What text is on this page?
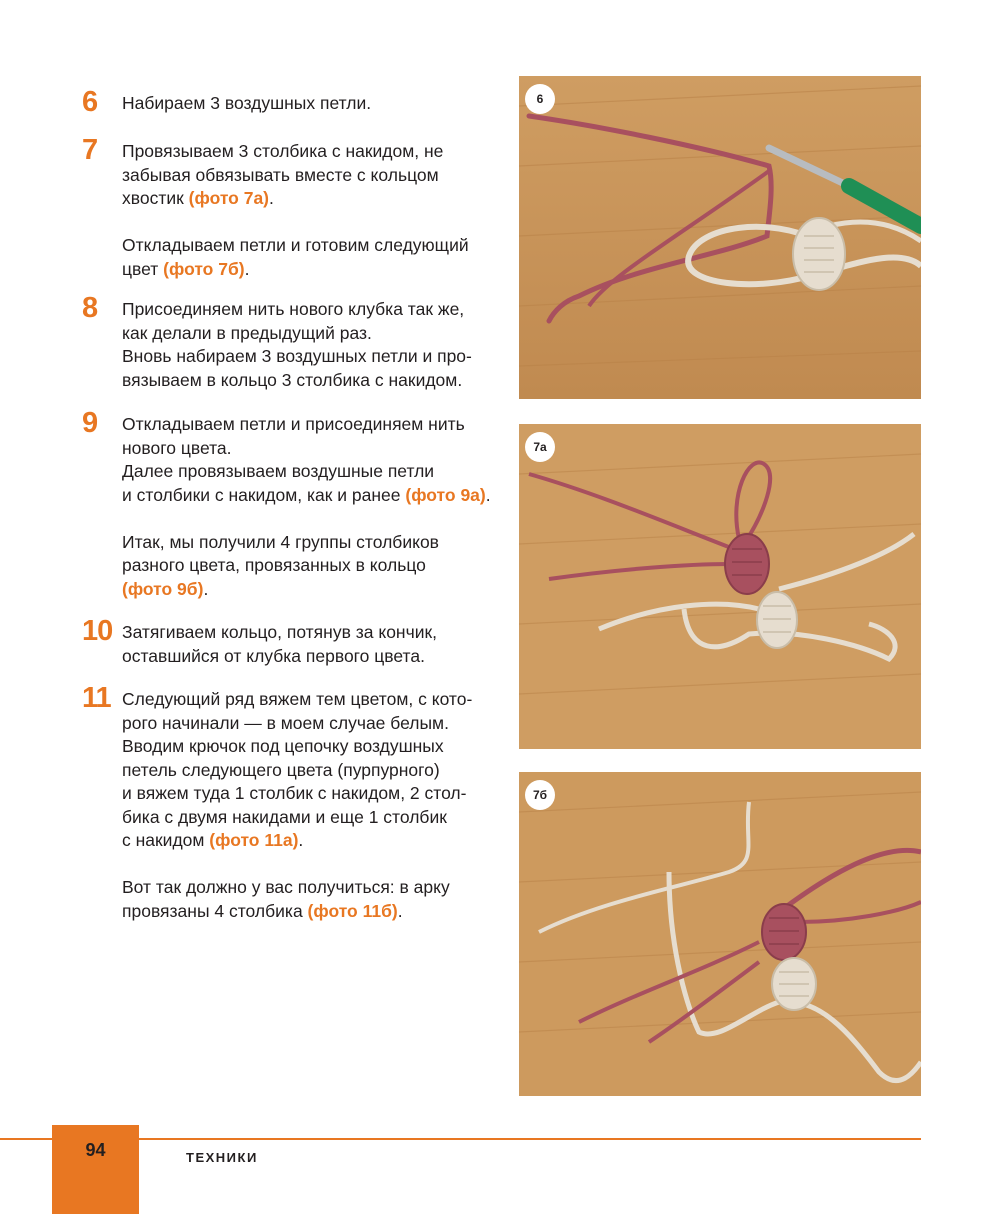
6 Набираем 3 воздушных петли.
7 Провязываем 3 столбика с накидом, не
забывая обвязывать вместе с кольцом
хвостик (фото 7а).
Откладываем петли и готовим следующий
цвет (фото 7б).
8 Присоединяем нить нового клубка так же,
как делали в предыдущий раз.
Вновь набираем 3 воздушных петли и про-
вязываем в кольцо 3 столбика с накидом.
9 Откладываем петли и присоединяем нить
нового цвета.
Далее провязываем воздушные петли
и столбики с накидом, как и ранее (фото 9а).
Итак, мы получили 4 группы столбиков
разного цвета, провязанных в кольцо
(фото 9б).
10 Затягиваем кольцо, потянув за кончик,
оставшийся от клубка первого цвета.
11 Следующий ряд вяжем тем цветом, с кото-
рого начинали — в моем случае белым.
Вводим крючок под цепочку воздушных
петель следующего цвета (пурпурного)
и вяжем туда 1 столбик с накидом, 2 стол-
бика с двумя накидами и еще 1 столбик
с накидом (фото 11а).
Вот так должно у вас получиться: в арку
провязаны 4 столбика (фото 11б).
6
7а
7б
94	ТЕХНИКИ
